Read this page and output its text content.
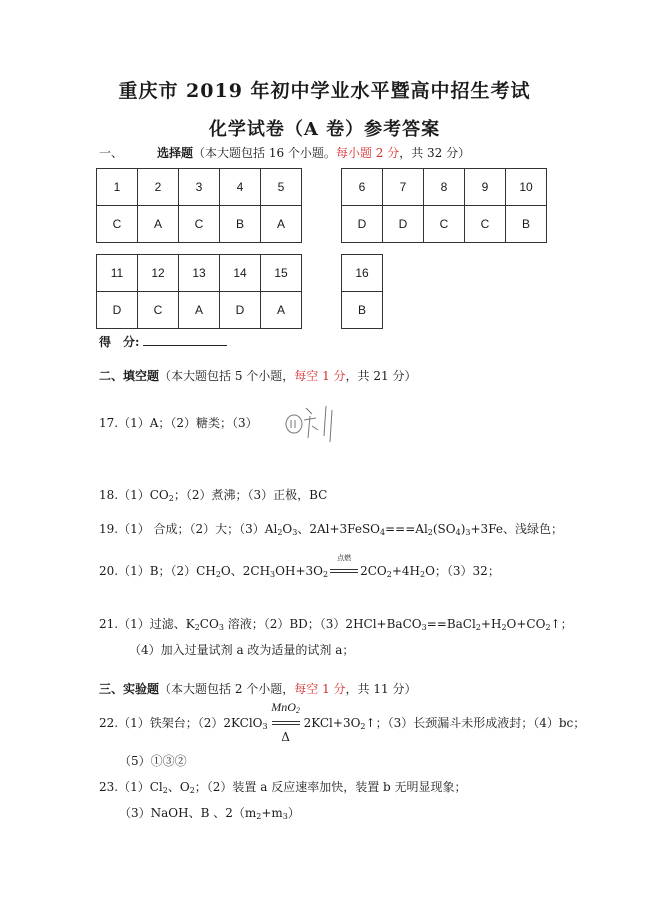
重庆市 2019 年初中学业水平暨高中招生考试
化学试卷（A 卷）参考答案
一、	选择题（本大题包括 16 个小题。每小题 2 分，共 32 分）
1	2	3	4	5
C	A	C	B	A
6	7	8	9	10
D	D	C	C	B
11	12	13	14	15
D	C	A	D	A
16
B
得　分:
二、填空题（本大题包括 5 个小题，每空 1 分，共 21 分）
17.（1）A；（2）糖类；（3）
$18.(1)CO_2$；（2）煮沸；（3）正极，BC
19.（1） 合成；（2）大；$(3)Al_2O_3$、$2Al+3FeSO_4===Al_2(SO_4)_3+3Fe$、浅绿色；
20.（1）B；$(2)CH_2O$、$2CH_3OH+3O_2$
点燃
$2CO_2+4H_2O$；（3）32；
21.（1）过滤、$K_2CO_3$ 溶液；（2）BD；$(3)2HCl+BaCO_3==BaCl_2+H_2O+CO_2↑$；
（4）加入过量试剂 a 改为适量的试剂 a；
三、实验题（本大题包括 2 个小题，每空 1 分，共 11 分）
22.（1）铁架台；（2）2KClO$_3$
MnO$_2$
Δ
$2KCl+3O_2↑$；（3）长颈漏斗未形成液封；（4）bc；
（5）①③②
$23.(1)Cl_2$、$O_2$；（2）装置 a 反应速率加快，装置 b 无明显现象；
（3）NaOH、B 、$2(m_2+m_3)$
